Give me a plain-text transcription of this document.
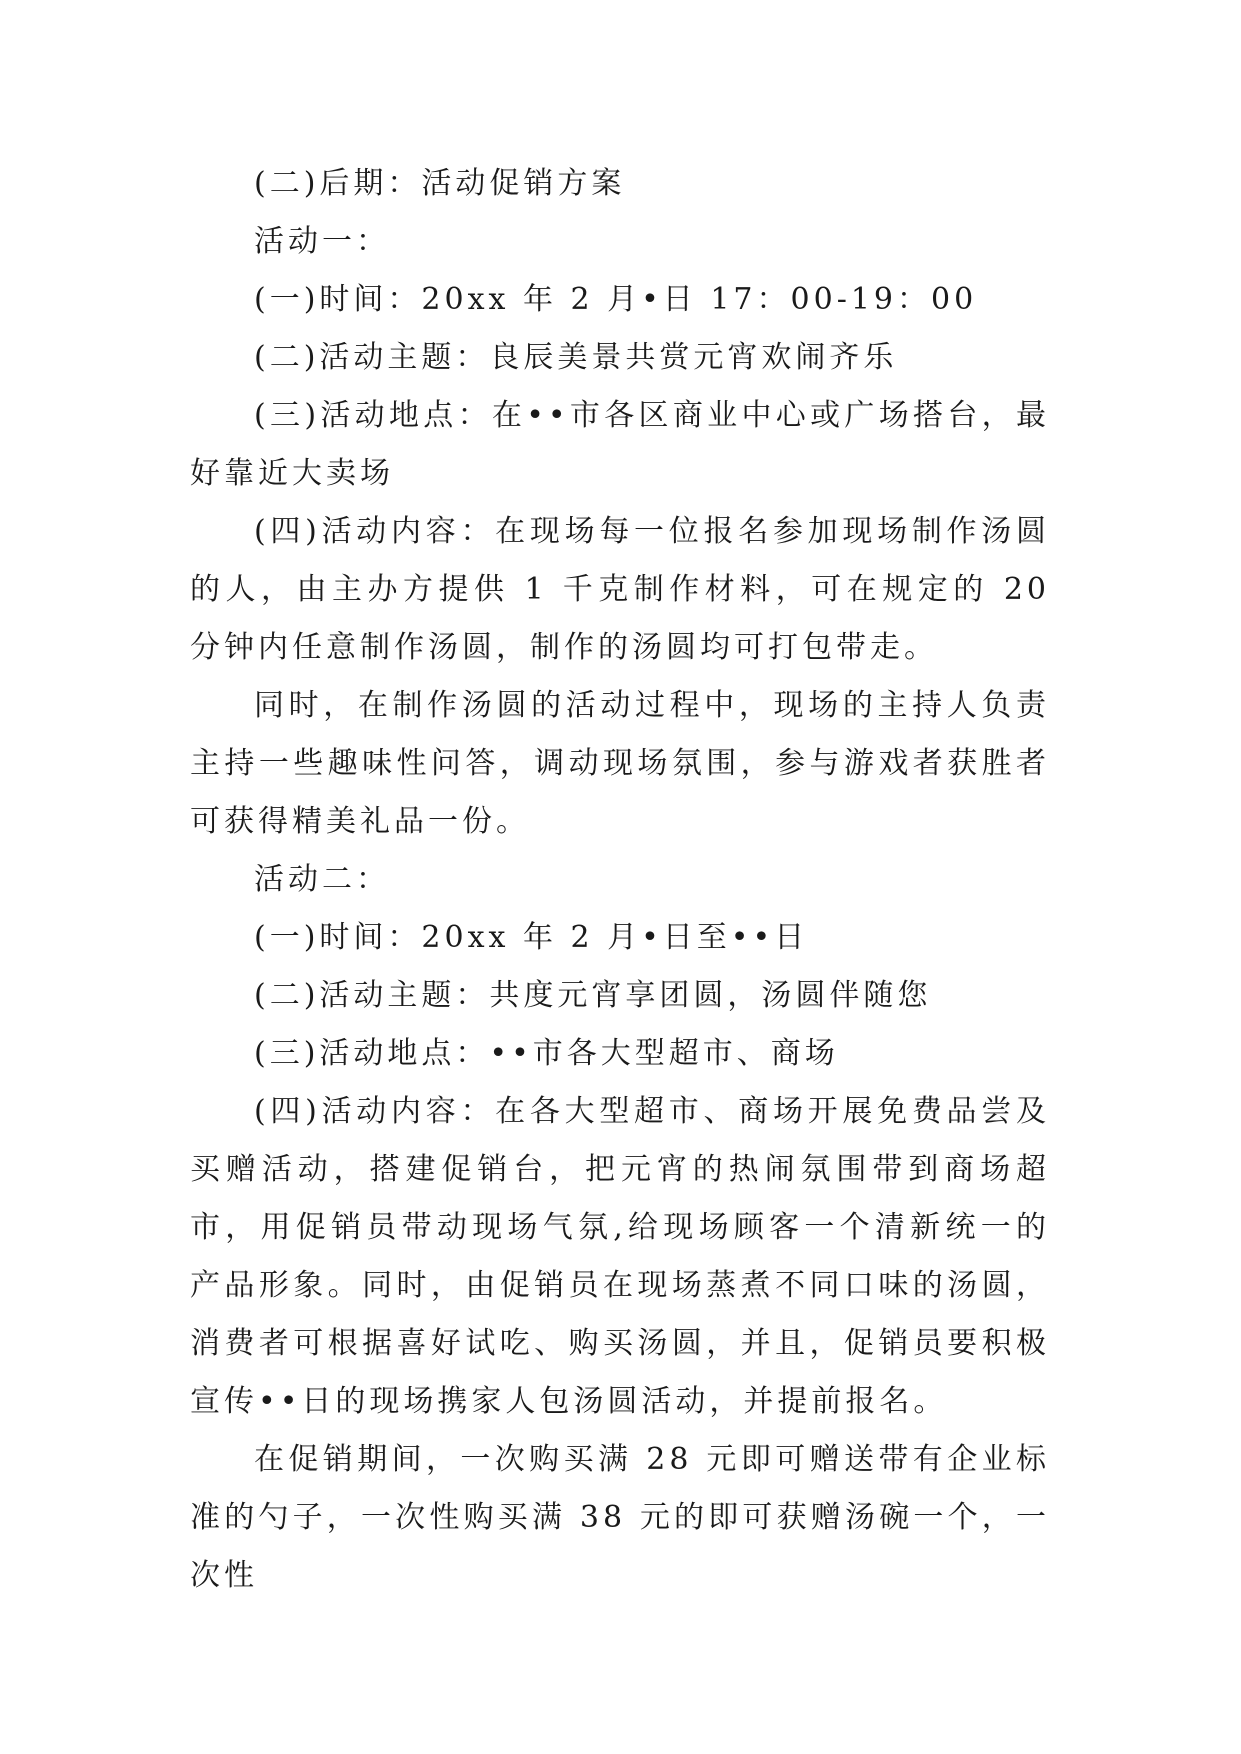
(二)后期：活动促销方案

活动一：

(一)时间：20xx 年 2 月•日 17：00-19：00

(二)活动主题：良辰美景共赏元宵欢闹齐乐

(三)活动地点：在••市各区商业中心或广场搭台，最好靠近大卖场

(四)活动内容：在现场每一位报名参加现场制作汤圆的人，由主办方提供 1 千克制作材料，可在规定的 20 分钟内任意制作汤圆，制作的汤圆均可打包带走。

同时，在制作汤圆的活动过程中，现场的主持人负责主持一些趣味性问答，调动现场氛围，参与游戏者获胜者可获得精美礼品一份。

活动二：

(一)时间：20xx 年 2 月•日至••日

(二)活动主题：共度元宵享团圆，汤圆伴随您

(三)活动地点：••市各大型超市、商场

(四)活动内容：在各大型超市、商场开展免费品尝及买赠活动，搭建促销台，把元宵的热闹氛围带到商场超市，用促销员带动现场气氛,给现场顾客一个清新统一的产品形象。同时，由促销员在现场蒸煮不同口味的汤圆，消费者可根据喜好试吃、购买汤圆，并且，促销员要积极宣传••日的现场携家人包汤圆活动，并提前报名。

在促销期间，一次购买满 28 元即可赠送带有企业标准的勺子，一次性购买满 38 元的即可获赠汤碗一个，一次性
